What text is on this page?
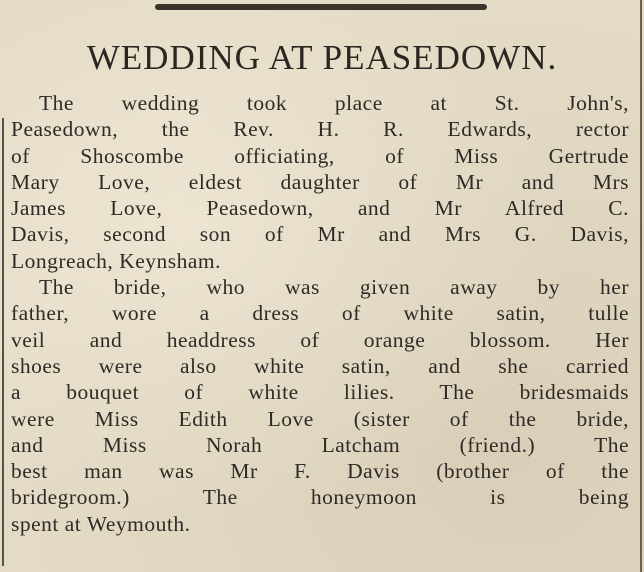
WEDDING AT PEASEDOWN.
The wedding took place at St. John's,
Peasedown, the Rev. H. R. Edwards, rector
of Shoscombe officiating, of Miss Gertrude
Mary Love, eldest daughter of Mr and Mrs
James Love, Peasedown, and Mr Alfred C.
Davis, second son of Mr and Mrs G. Davis,
Longreach, Keynsham.
The bride, who was given away by her
father, wore a dress of white satin, tulle
veil and headdress of orange blossom. Her
shoes were also white satin, and she carried
a bouquet of white lilies. The bridesmaids
were Miss Edith Love (sister of the bride,
and Miss Norah Latcham (friend.) The
best man was Mr F. Davis (brother of the
bridegroom.) The honeymoon is being
spent at Weymouth.
